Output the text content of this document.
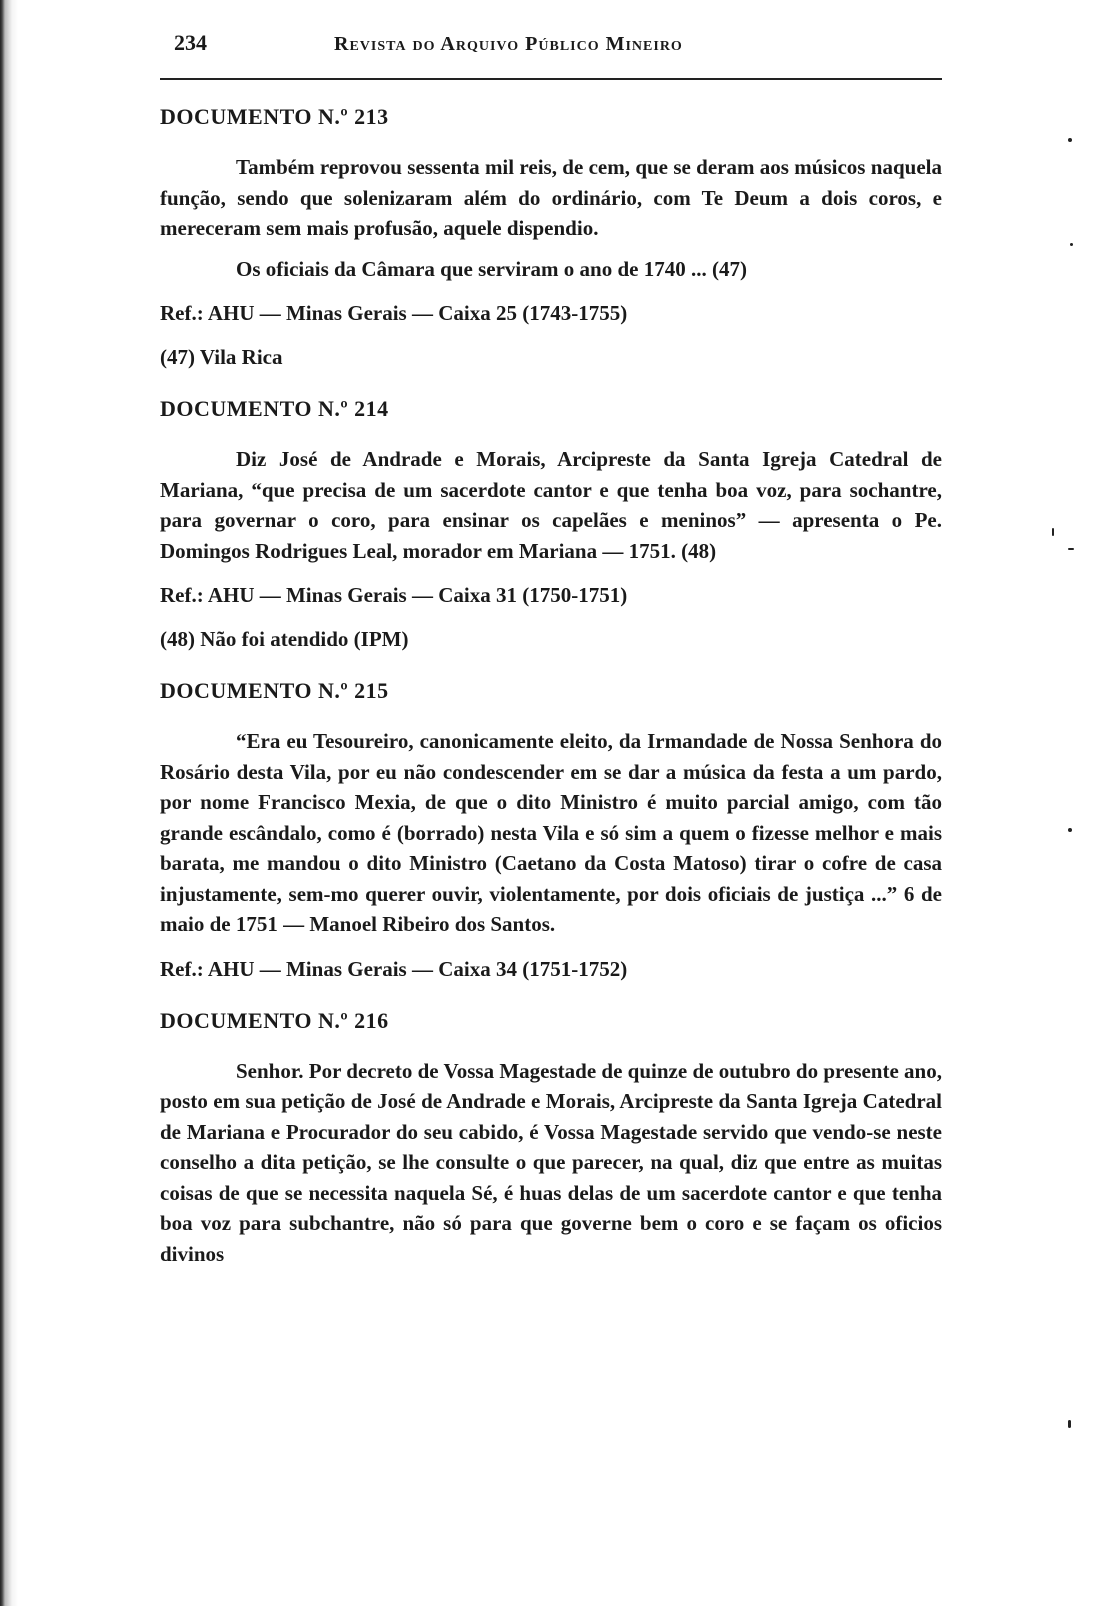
234	Revista do Arquivo Público Mineiro
DOCUMENTO N.º 213

Também reprovou sessenta mil reis, de cem, que se deram aos músicos naquela função, sendo que solenizaram além do ordinário, com Te Deum a dois coros, e mereceram sem mais profusão, aquele dispendio.

Os oficiais da Câmara que serviram o ano de 1740 ... (47)

Ref.: AHU — Minas Gerais — Caixa 25 (1743-1755)

(47) Vila Rica

DOCUMENTO N.º 214

Diz José de Andrade e Morais, Arcipreste da Santa Igreja Catedral de Mariana, “que precisa de um sacerdote cantor e que tenha boa voz, para sochantre, para governar o coro, para ensinar os capelães e meninos” — apresenta o Pe. Domingos Rodrigues Leal, morador em Mariana — 1751. (48)

Ref.: AHU — Minas Gerais — Caixa 31 (1750-1751)

(48) Não foi atendido (IPM)

DOCUMENTO N.º 215

“Era eu Tesoureiro, canonicamente eleito, da Irmandade de Nossa Senhora do Rosário desta Vila, por eu não condescender em se dar a música da festa a um pardo, por nome Francisco Mexia, de que o dito Ministro é muito parcial amigo, com tão grande escândalo, como é (borrado) nesta Vila e só sim a quem o fizesse melhor e mais barata, me mandou o dito Ministro (Caetano da Costa Matoso) tirar o cofre de casa injustamente, sem-mo querer ouvir, violentamente, por dois oficiais de justiça ...” 6 de maio de 1751 — Manoel Ribeiro dos Santos.

Ref.: AHU — Minas Gerais — Caixa 34 (1751-1752)

DOCUMENTO N.º 216

Senhor. Por decreto de Vossa Magestade de quinze de outubro do presente ano, posto em sua petição de José de Andrade e Morais, Arcipreste da Santa Igreja Catedral de Mariana e Procurador do seu cabido, é Vossa Magestade servido que vendo-se neste conselho a dita petição, se lhe consulte o que parecer, na qual, diz que entre as muitas coisas de que se necessita naquela Sé, é huas delas de um sacerdote cantor e que tenha boa voz para subchantre, não só para que governe bem o coro e se façam os oficios divinos
